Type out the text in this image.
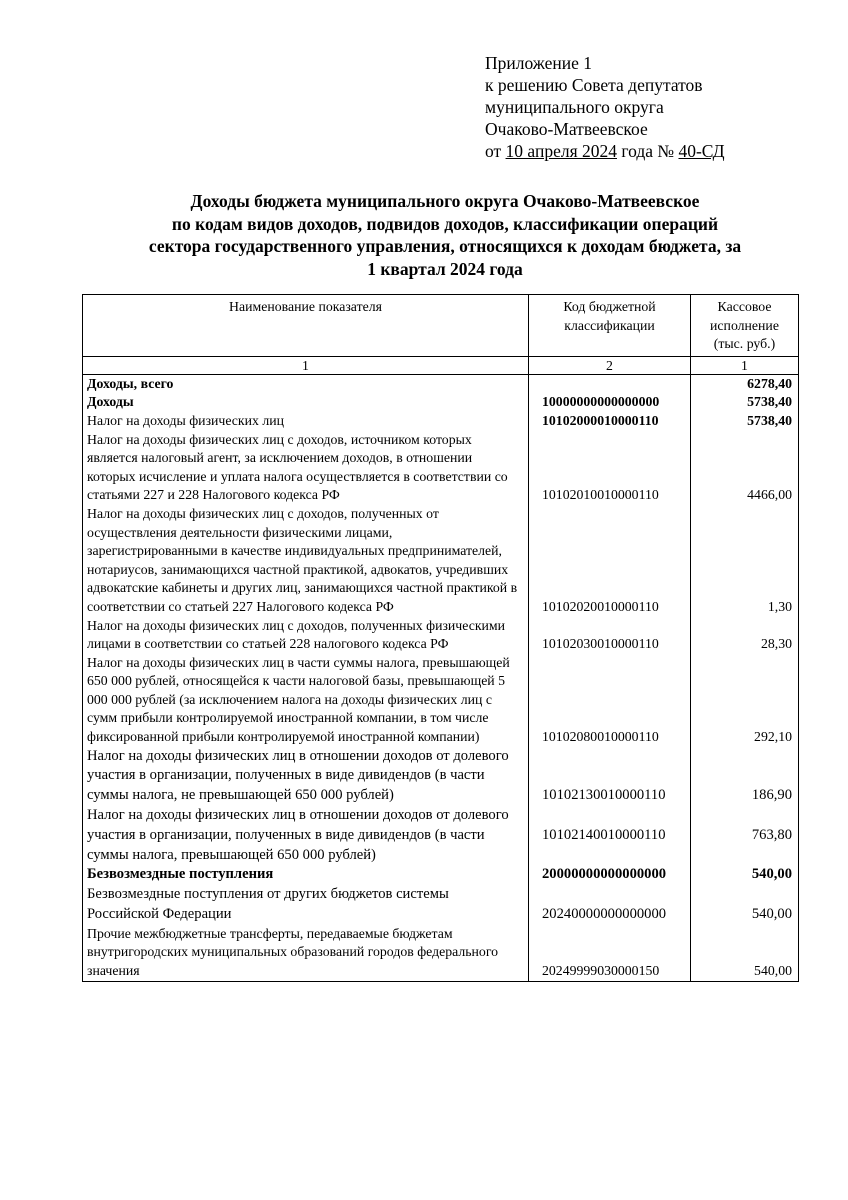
Приложение 1
к решению Совета депутатов
муниципального округа
Очаково-Матвеевское
от 10 апреля 2024 года № 40-СД
Доходы бюджета муниципального округа Очаково-Матвеевское
по кодам видов доходов, подвидов доходов, классификации операций
сектора государственного управления, относящихся к доходам бюджета, за
1 квартал 2024 года
Наименование показателя	Код бюджетной классификации	Кассовое исполнение (тыс. руб.)
1	2	1
Доходы, всего		6278,40
Доходы	10000000000000000	5738,40
Налог на доходы физических лиц	10102000010000110	5738,40
Налог на доходы физических лиц с доходов, источником которых является налоговый агент, за исключением доходов, в отношении которых исчисление и уплата налога осуществляется в соответствии со статьями 227 и 228 Налогового кодекса РФ	10102010010000110	4466,00
Налог на доходы физических лиц с доходов, полученных от осуществления деятельности физическими лицами, зарегистрированными в качестве индивидуальных предпринимателей, нотариусов, занимающихся частной практикой, адвокатов, учредивших адвокатские кабинеты и других лиц, занимающихся частной практикой в соответствии со статьей 227 Налогового кодекса РФ	10102020010000110	1,30
Налог на доходы физических лиц с доходов, полученных физическими лицами в соответствии со статьей 228 налогового кодекса РФ	10102030010000110	28,30
Налог на доходы физических лиц в части суммы налога, превышающей 650 000 рублей, относящейся к части налоговой базы, превышающей 5 000 000 рублей (за исключением налога на доходы физических лиц с сумм прибыли контролируемой иностранной компании, в том числе фиксированной прибыли контролируемой иностранной компании)	10102080010000110	292,10
Налог на доходы физических лиц в отношении доходов от долевого участия в организации, полученных в виде дивидендов (в части суммы налога, не превышающей 650 000 рублей)	10102130010000110	186,90
Налог на доходы физических лиц в отношении доходов от долевого участия в организации, полученных в виде дивидендов (в части суммы налога, превышающей 650 000 рублей)	10102140010000110	763,80
Безвозмездные поступления	20000000000000000	540,00
Безвозмездные поступления от других бюджетов системы Российской Федерации	20240000000000000	540,00
Прочие межбюджетные трансферты, передаваемые бюджетам внутригородских муниципальных образований городов федерального значения	20249999030000150	540,00
